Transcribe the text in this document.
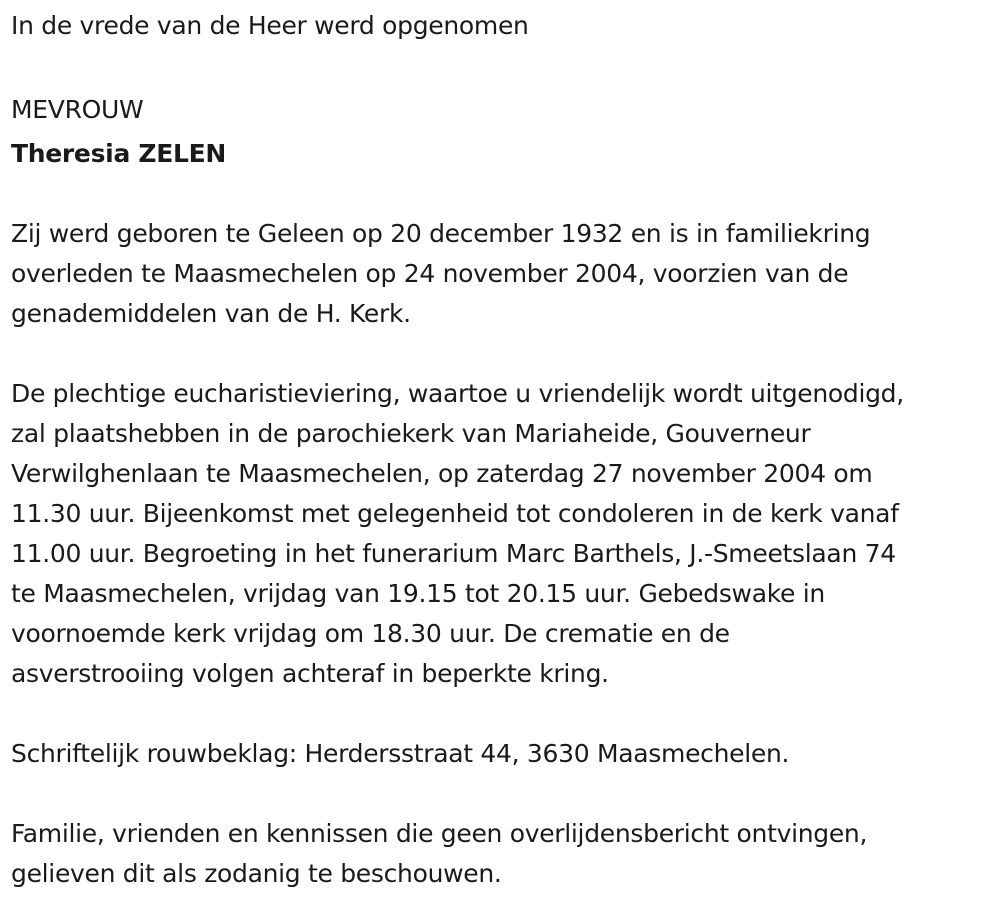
In de vrede van de Heer werd opgenomen
MEVROUW
Theresia ZELEN
Zij werd geboren te Geleen op 20 december 1932 en is in familiekring
overleden te Maasmechelen op 24 november 2004, voorzien van de
genademiddelen van de H. Kerk.
De plechtige eucharistieviering, waartoe u vriendelijk wordt uitgenodigd,
zal plaatshebben in de parochiekerk van Mariaheide, Gouverneur
Verwilghenlaan te Maasmechelen, op zaterdag 27 november 2004 om
11.30 uur. Bijeenkomst met gelegenheid tot condoleren in de kerk vanaf
11.00 uur. Begroeting in het funerarium Marc Barthels, J.-Smeetslaan 74
te Maasmechelen, vrijdag van 19.15 tot 20.15 uur. Gebedswake in
voornoemde kerk vrijdag om 18.30 uur. De crematie en de
asverstrooiing volgen achteraf in beperkte kring.
Schriftelijk rouwbeklag: Herdersstraat 44, 3630 Maasmechelen.
Familie, vrienden en kennissen die geen overlijdensbericht ontvingen,
gelieven dit als zodanig te beschouwen.
